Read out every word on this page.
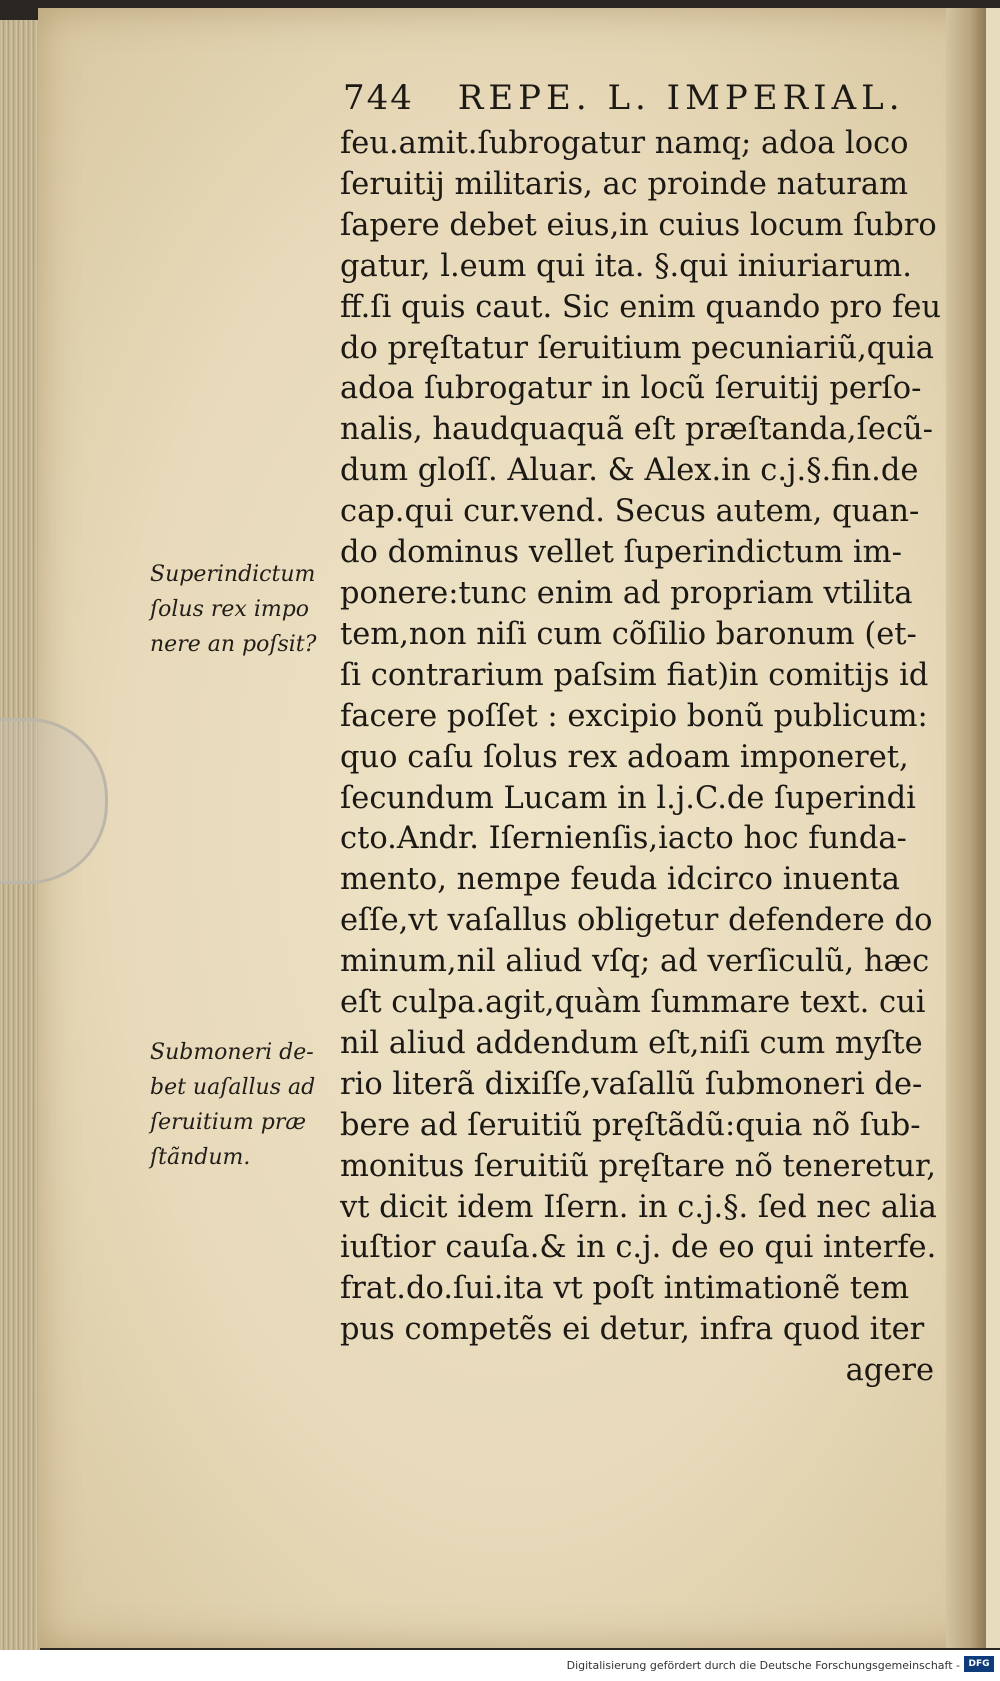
744 REPE. L. IMPERIAL.
feu.amit.ſubrogatur namq; adoa loco
ſeruitij militaris, ac proinde naturam
ſapere debet eius,in cuius locum ſubro
gatur, l.eum qui ita. §.qui iniuriarum.
ff.ſi quis caut. Sic enim quando pro feu
do pręſtatur ſeruitium pecuniariũ,quia
adoa ſubrogatur in locũ ſeruitij perſo-
nalis, haudquaquã eſt præſtanda,ſecũ-
dum gloſſ. Aluar. & Alex.in c.j.§.fin.de
cap.qui cur.vend. Secus autem, quan-
do dominus vellet ſuperindictum im-
ponere:tunc enim ad propriam vtilita
tem,non niſi cum cõſilio baronum (et-
ſi contrarium paſsim fiat)in comitijs id
facere poſſet : excipio bonũ publicum:
quo caſu ſolus rex adoam imponeret,
ſecundum Lucam in l.j.C.de ſuperindi
cto.Andr. Iſernienſis,iacto hoc funda-
mento, nempe feuda idcirco inuenta
eſſe,vt vaſallus obligetur defendere do
minum,nil aliud vſq; ad verſiculũ, hæc
eſt culpa.agit,quàm ſummare text. cui
nil aliud addendum eſt,niſi cum myſte
rio literã dixiſſe,vaſallũ ſubmoneri de-
bere ad ſeruitiũ pręſtãdũ:quia nõ ſub-
monitus ſeruitiũ pręſtare nõ teneretur,
vt dicit idem Iſern. in c.j.§. ſed nec alia
iuſtior cauſa.& in c.j. de eo qui interfe.
frat.do.ſui.ita vt poſt intimationẽ tem
pus competẽs ei detur, infra quod iter
agere
Superindictum
ſolus rex impo
nere an poſsit?
Submoneri de-
bet uaſallus ad
ſeruitium præ
ſtãndum.
Digitalisierung gefördert durch die Deutsche Forschungsgemeinschaft - DFG
